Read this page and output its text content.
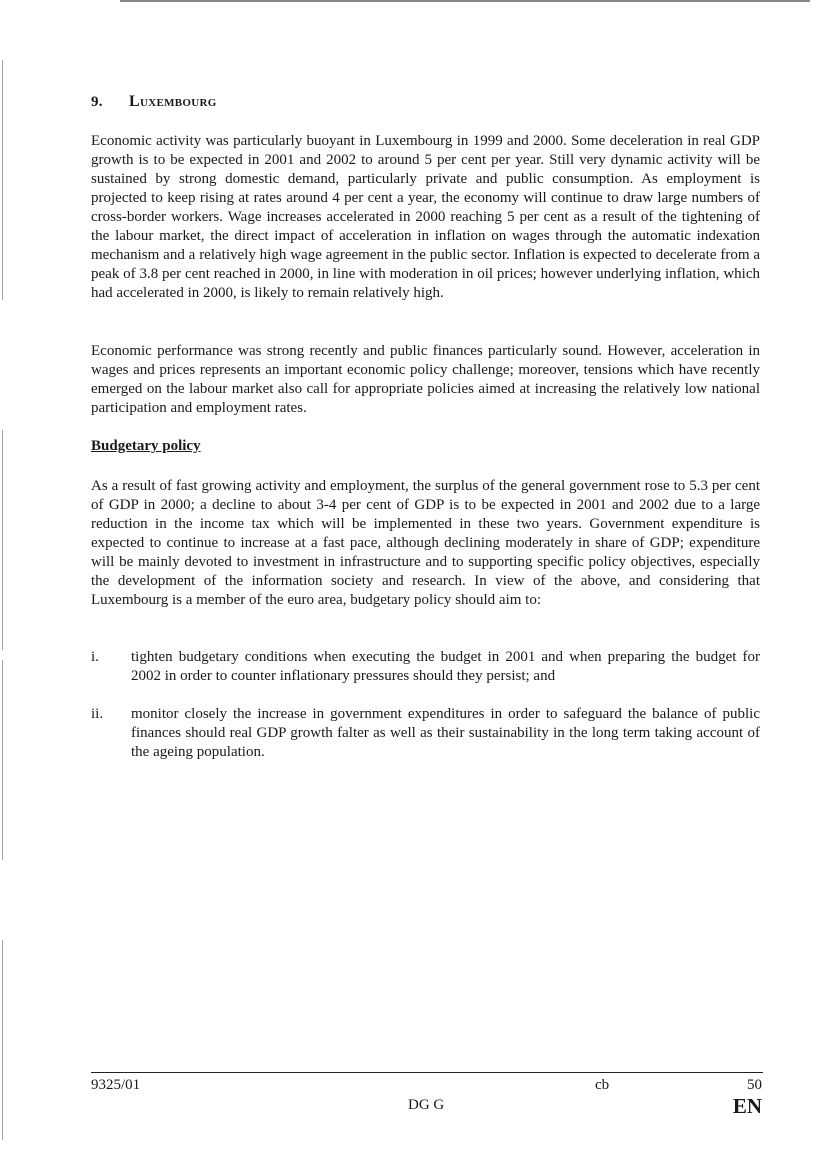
9. Luxembourg

Economic activity was particularly buoyant in Luxembourg in 1999 and 2000. Some deceleration in real GDP growth is to be expected in 2001 and 2002 to around 5 per cent per year. Still very dynamic activity will be sustained by strong domestic demand, particularly private and public consumption. As employment is projected to keep rising at rates around 4 per cent a year, the economy will continue to draw large numbers of cross-border workers. Wage increases accelerated in 2000 reaching 5 per cent as a result of the tightening of the labour market, the direct impact of acceleration in inflation on wages through the automatic indexation mechanism and a relatively high wage agreement in the public sector. Inflation is expected to decelerate from a peak of 3.8 per cent reached in 2000, in line with moderation in oil prices; however underlying inflation, which had accelerated in 2000, is likely to remain relatively high.

Economic performance was strong recently and public finances particularly sound. However, acceleration in wages and prices represents an important economic policy challenge; moreover, tensions which have recently emerged on the labour market also call for appropriate policies aimed at increasing the relatively low national participation and employment rates.

Budgetary policy

As a result of fast growing activity and employment, the surplus of the general government rose to 5.3 per cent of GDP in 2000; a decline to about 3-4 per cent of GDP is to be expected in 2001 and 2002 due to a large reduction in the income tax which will be implemented in these two years. Government expenditure is expected to continue to increase at a fast pace, although declining moderately in share of GDP; expenditure will be mainly devoted to investment in infrastructure and to supporting specific policy objectives, especially the development of the information society and research. In view of the above, and considering that Luxembourg is a member of the euro area, budgetary policy should aim to:

i. tighten budgetary conditions when executing the budget in 2001 and when preparing the budget for 2002 in order to counter inflationary pressures should they persist; and
ii. monitor closely the increase in government expenditures in order to safeguard the balance of public finances should real GDP growth falter as well as their sustainability in the long term taking account of the ageing population.
9325/01	cb	50
DG G	EN
